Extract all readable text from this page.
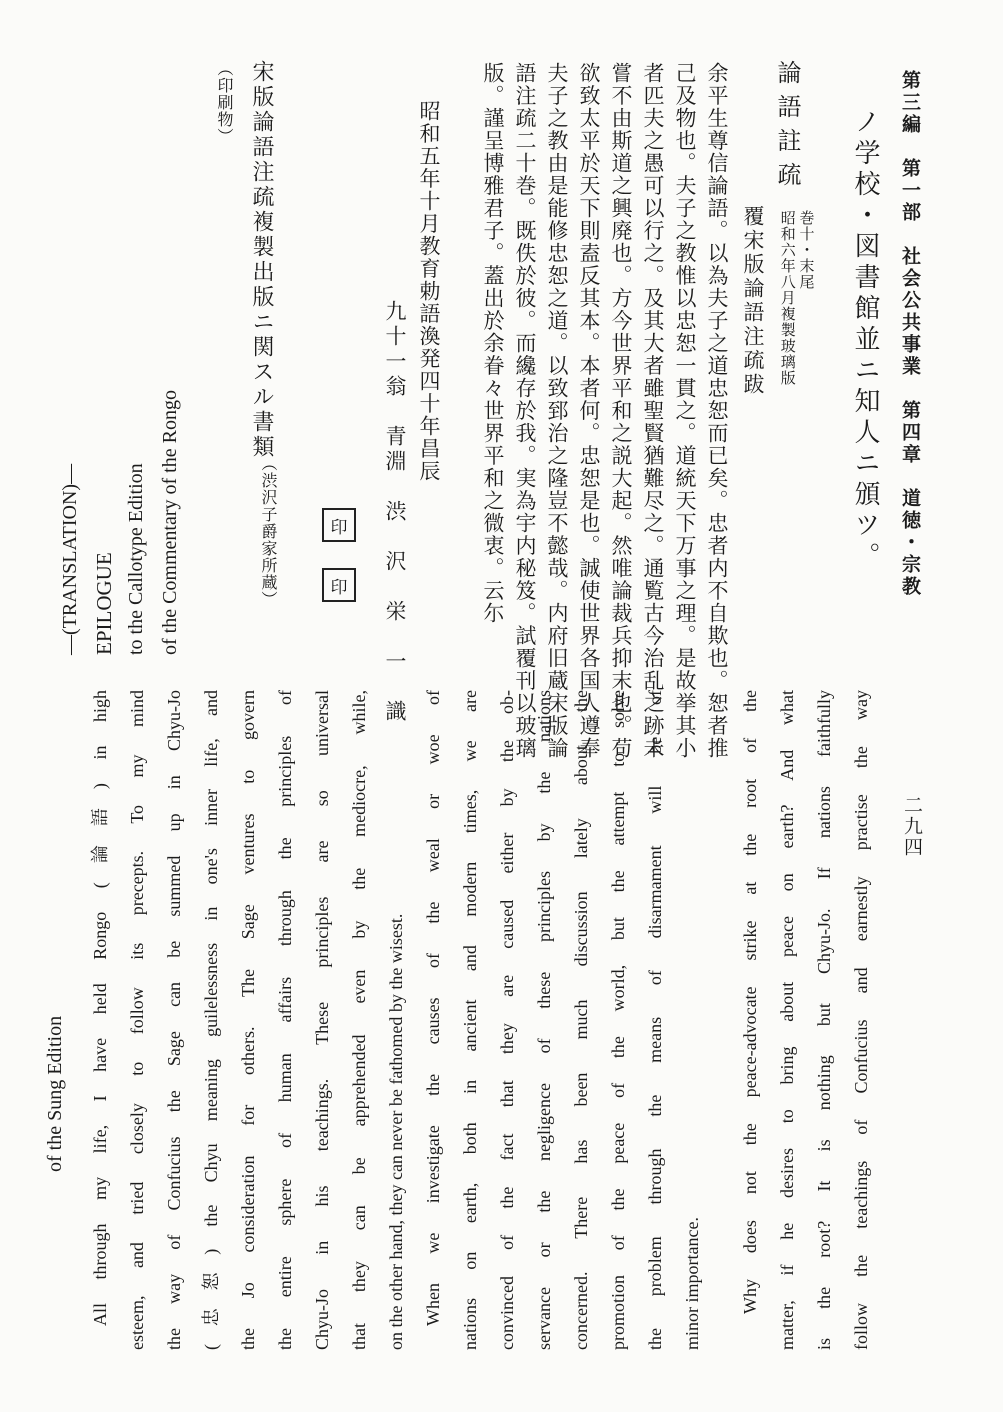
第三編　第一部　社会公共事業　第四章　道徳・宗教
ノ学校・図書館並ニ知人ニ頒ツ。
論語註疏
巻十・末尾
昭和六年八月複製玻璃版
覆宋版論語注疏跋
余平生尊信論語。以為夫子之道忠恕而已矣。忠者内不自欺也。恕者推
己及物也。夫子之教惟以忠恕一貫之。道統天下万事之理。是故挙其小
者匹夫之愚可以行之。及其大者雖聖賢猶難尽之。通覧古今治乱之跡未
嘗不由斯道之興廃也。方今世界平和之説大起。然唯論裁兵抑末也。苟
欲致太平於天下則盍反其本。本者何。忠恕是也。誠使世界各国人遵奉
夫子之教由是能修忠恕之道。以致郅治之隆豈不懿哉。内府旧蔵宋版論
語注疏二十巻。既佚於彼。而纔存於我。実為宇内秘笈。試覆刊以玻璃
版。謹呈博雅君子。蓋出於余眷々世界平和之微衷。云尓
昭和五年十月教育勅語渙発四十年昌辰
九十一翁　青淵　渋　沢　栄　一　識
印
印
宋版論語注疏複製出版ニ関スル書類
（渋沢子爵家所蔵）
（印刷物）
—(TRANSLATION)— EPILOGUE to the Callotype Edition of the Commentary of the Rongo
of the Sung Edition All through my life, I have held Rongo (論語) in high esteem, and tried closely to follow its precepts. To my mind the way of Confucius the Sage can be summed up in Chyu-Jo (忠恕) the Chyu meaning guilelessness in one's inner life, and the Jo consideration for others. The Sage ventures to govern the entire sphere of human affairs through the principles of Chyu-Jo in his teachings. These principles are so universal that they can be apprehended even by the mediocre, while, on the other hand, they can never be fathomed by the wisest. When we investigate the causes of the weal or woe of nations on earth, both in ancient and modern times, we are convinced of the fact that they are caused either by the ob- servance or the negligence of these principles by the nations concerned. There has been much discussion lately about the promotion of the peace of the world, but the attempt to solve the problem through the means of disarmament will be of minor importance. Why does not the peace-advocate strike at the root of the matter, if he desires to bring about peace on earth? And what is the root? It is nothing but Chyu-Jo. If nations faithfully follow the teachings of Confucius and earnestly practise the way 二九四
